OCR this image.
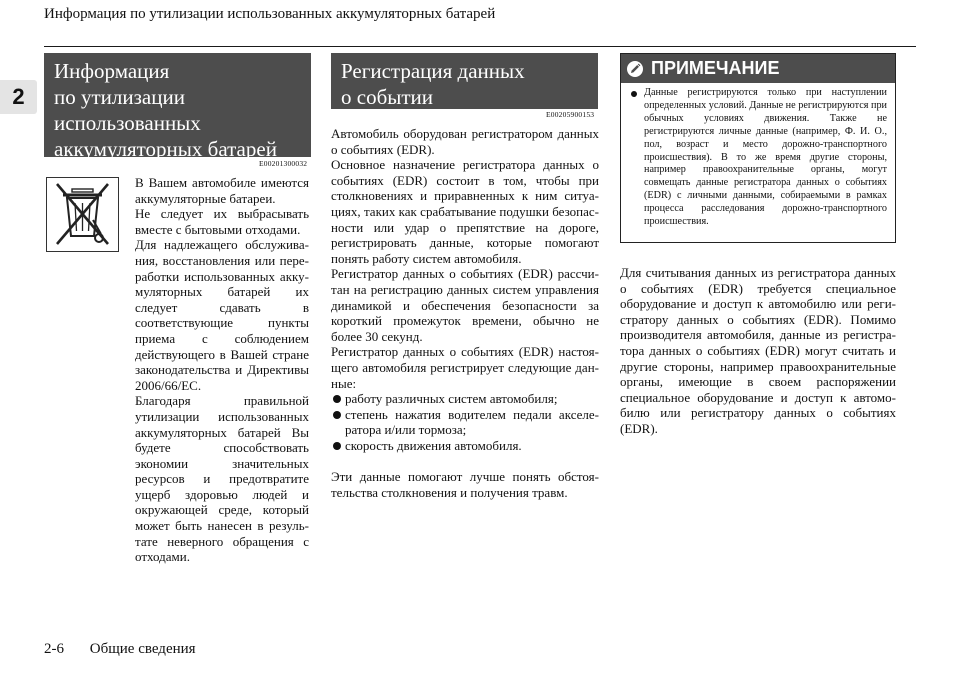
Информация по утилизации использованных аккумуляторных батарей
2
Информация
по утилизации
использованных
аккумуляторных батарей
E00201300032

В Вашем автомобиле имеются аккумуляторные батареи.

Не следует их выбрасывать вместе с бытовыми отходами.

Для надлежащего обслуживания, восстановления или переработки использованных аккумуляторных батарей их следует сдавать в соответствующие пункты приема с соблюдением действующего в Вашей стране законодательства и Директивы 2006/66/EC.

Благодаря правильной утилизации использованных аккумуляторных батарей Вы будете способствовать экономии значительных ресурсов и предотвратите ущерб здоровью людей и окружающей среде, который может быть нанесен в результате неверного обращения с отходами.

Регистрация данных
о событии
E00205900153

Автомобиль оборудован регистратором данных о событиях (EDR).

Основное назначение регистратора данных о событиях (EDR) состоит в том, чтобы при столкновениях и приравненных к ним ситуациях, таких как срабатывание подушки безопасности или удар о препятствие на дороге, регистрировать данные, которые помогают понять работу систем автомобиля.

Регистратор данных о событиях (EDR) рассчитан на регистрацию данных систем управления динамикой и обеспечения безопасности за короткий промежуток времени, обычно не более 30 секунд.

Регистратор данных о событиях (EDR) настоящего автомобиля регистрирует следующие данные:

работу различных систем автомобиля;
степень нажатия водителем педали акселератора и/или тормоза;
скорость движения автомобиля.

Эти данные помогают лучше понять обстоятельства столкновения и получения травм.

ПРИМЕЧАНИЕ
Данные регистрируются только при наступлении определенных условий. Данные не регистрируются при обычных условиях движения. Также не регистрируются личные данные (например, Ф. И. О., пол, возраст и место дорожно-транспортного происшествия). В то же время другие стороны, например правоохранительные органы, могут совмещать данные регистратора данных о событиях (EDR) с личными данными, собираемыми в рамках процесса расследования дорожно-транспортного происшествия.
Для считывания данных из регистратора данных о событиях (EDR) требуется специальное оборудование и доступ к автомобилю или регистратору данных о событиях (EDR). Помимо производителя автомобиля, данные из регистратора данных о событиях (EDR) могут считать и другие стороны, например правоохранительные органы, имеющие в своем распоряжении специальное оборудование и доступ к автомобилю или регистратору данных о событиях (EDR).
2-6 Общие сведения
